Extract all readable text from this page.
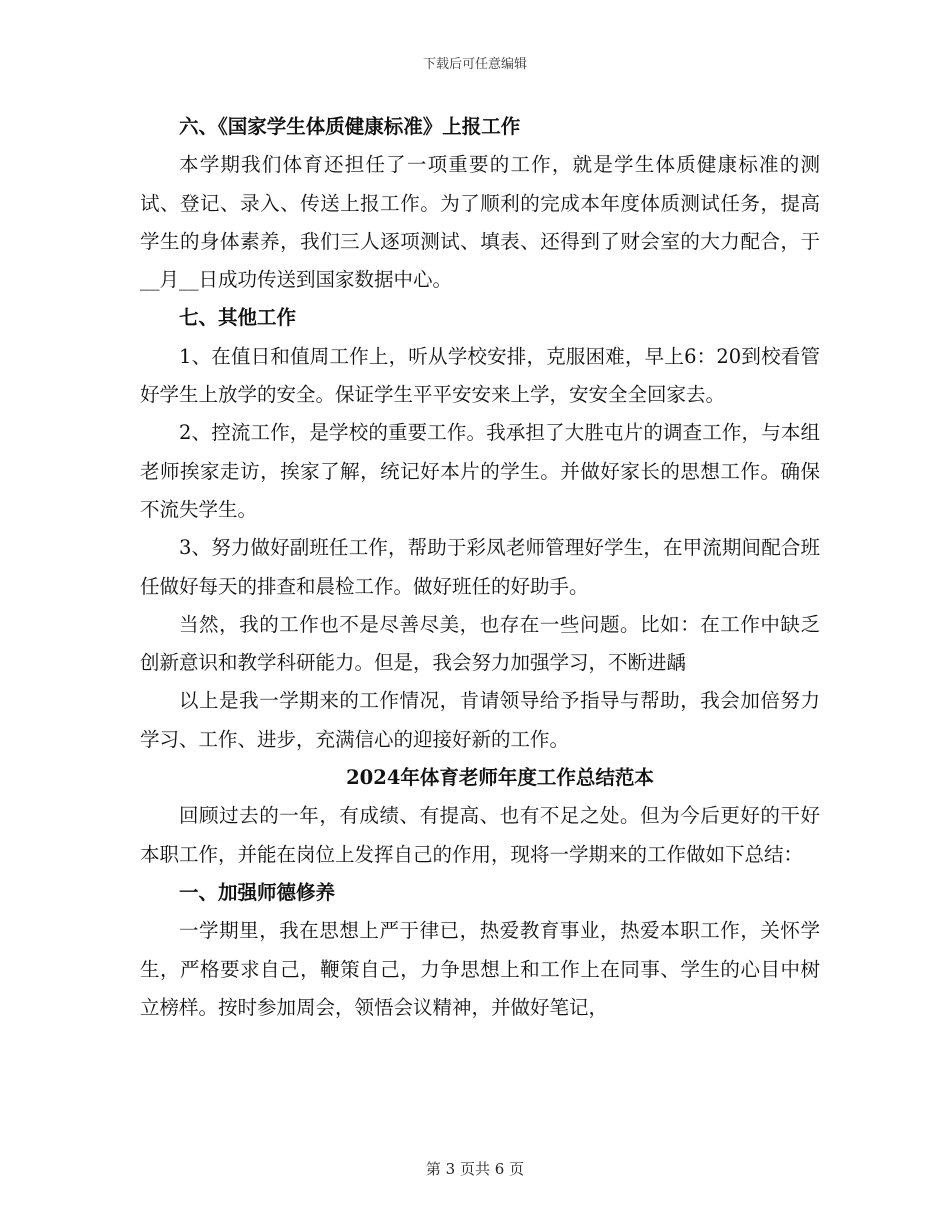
下载后可任意编辑

六、《国家学生体质健康标准》上报工作

本学期我们体育还担任了一项重要的工作，就是学生体质健康标准的测试、登记、录入、传送上报工作。为了顺利的完成本年度体质测试任务，提高学生的身体素养，我们三人逐项测试、填表、还得到了财会室的大力配合，于__月__日成功传送到国家数据中心。

七、其他工作

1、在值日和值周工作上，听从学校安排，克服困难，早上6：20到校看管好学生上放学的安全。保证学生平平安安来上学，安安全全回家去。

2、控流工作，是学校的重要工作。我承担了大胜屯片的调查工作，与本组老师挨家走访，挨家了解，统记好本片的学生。并做好家长的思想工作。确保不流失学生。

3、努力做好副班任工作，帮助于彩凤老师管理好学生，在甲流期间配合班任做好每天的排查和晨检工作。做好班任的好助手。

当然，我的工作也不是尽善尽美，也存在一些问题。比如：在工作中缺乏创新意识和教学科研能力。但是，我会努力加强学习，不断进龋

以上是我一学期来的工作情况，肯请领导给予指导与帮助，我会加倍努力学习、工作、进步，充满信心的迎接好新的工作。

2024年体育老师年度工作总结范本

回顾过去的一年，有成绩、有提高、也有不足之处。但为今后更好的干好本职工作，并能在岗位上发挥自己的作用，现将一学期来的工作做如下总结：

一、加强师德修养

一学期里，我在思想上严于律已，热爱教育事业，热爱本职工作，关怀学生，严格要求自己，鞭策自己，力争思想上和工作上在同事、学生的心目中树立榜样。按时参加周会，领悟会议精神，并做好笔记，

第 3 页共 6 页
